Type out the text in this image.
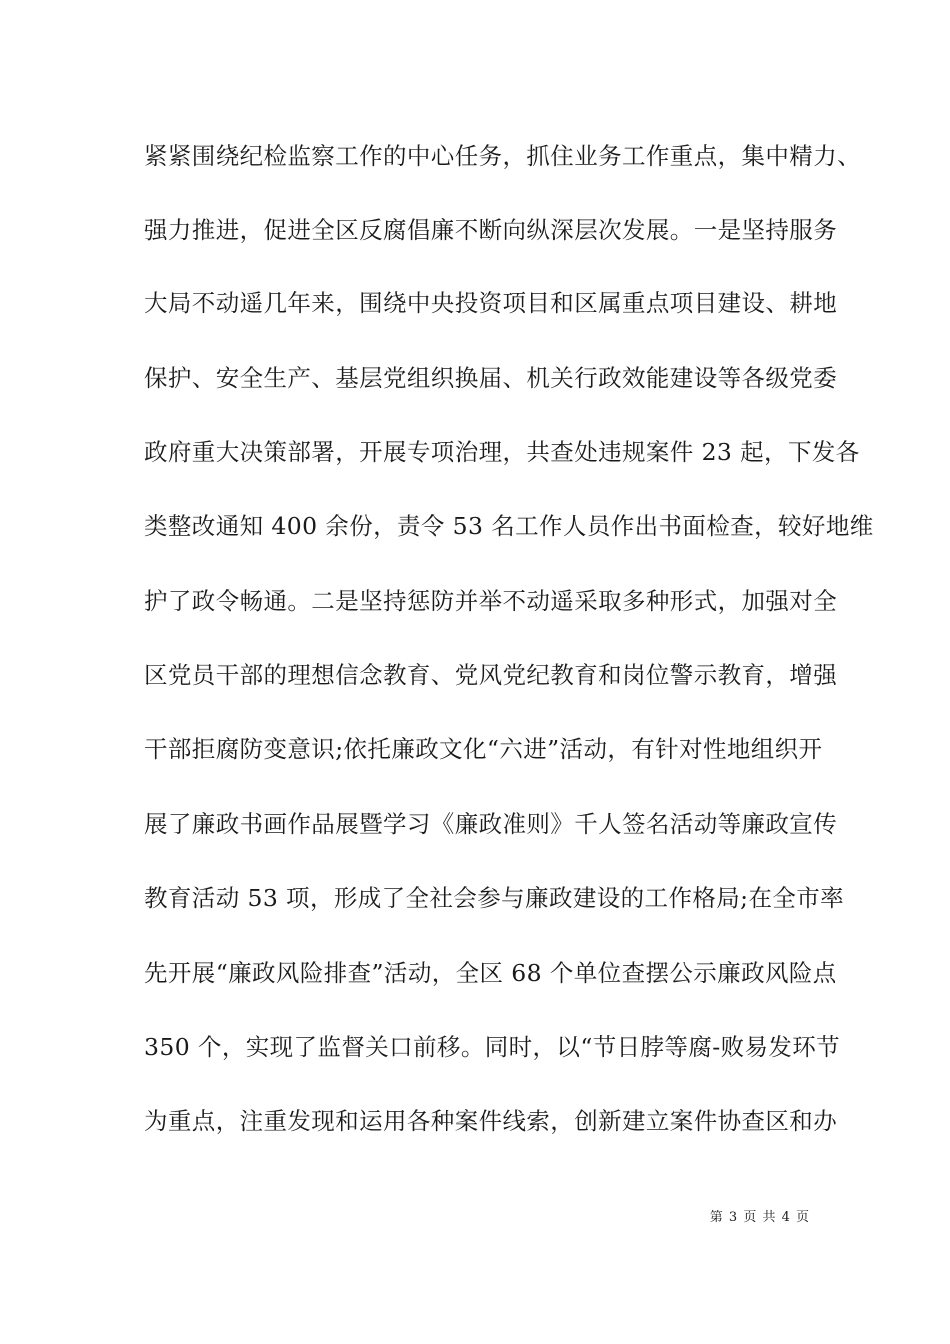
紧紧围绕纪检监察工作的中心任务，抓住业务工作重点，集中精力、
强力推进，促进全区反腐倡廉不断向纵深层次发展。一是坚持服务
大局不动遥几年来，围绕中央投资项目和区属重点项目建设、耕地
保护、安全生产、基层党组织换届、机关行政效能建设等各级党委
政府重大决策部署，开展专项治理，共查处违规案件 23 起，下发各
类整改通知 400 余份，责令 53 名工作人员作出书面检查，较好地维
护了政令畅通。二是坚持惩防并举不动遥采取多种形式，加强对全
区党员干部的理想信念教育、党风党纪教育和岗位警示教育，增强
干部拒腐防变意识;依托廉政文化“六进”活动，有针对性地组织开
展了廉政书画作品展暨学习《廉政准则》千人签名活动等廉政宣传
教育活动 53 项，形成了全社会参与廉政建设的工作格局;在全市率
先开展“廉政风险排查”活动，全区 68 个单位查摆公示廉政风险点
350 个，实现了监督关口前移。同时，以“节日脖等腐-败易发环节
为重点，注重发现和运用各种案件线索，创新建立案件协查区和办
第 3 页 共 4 页
